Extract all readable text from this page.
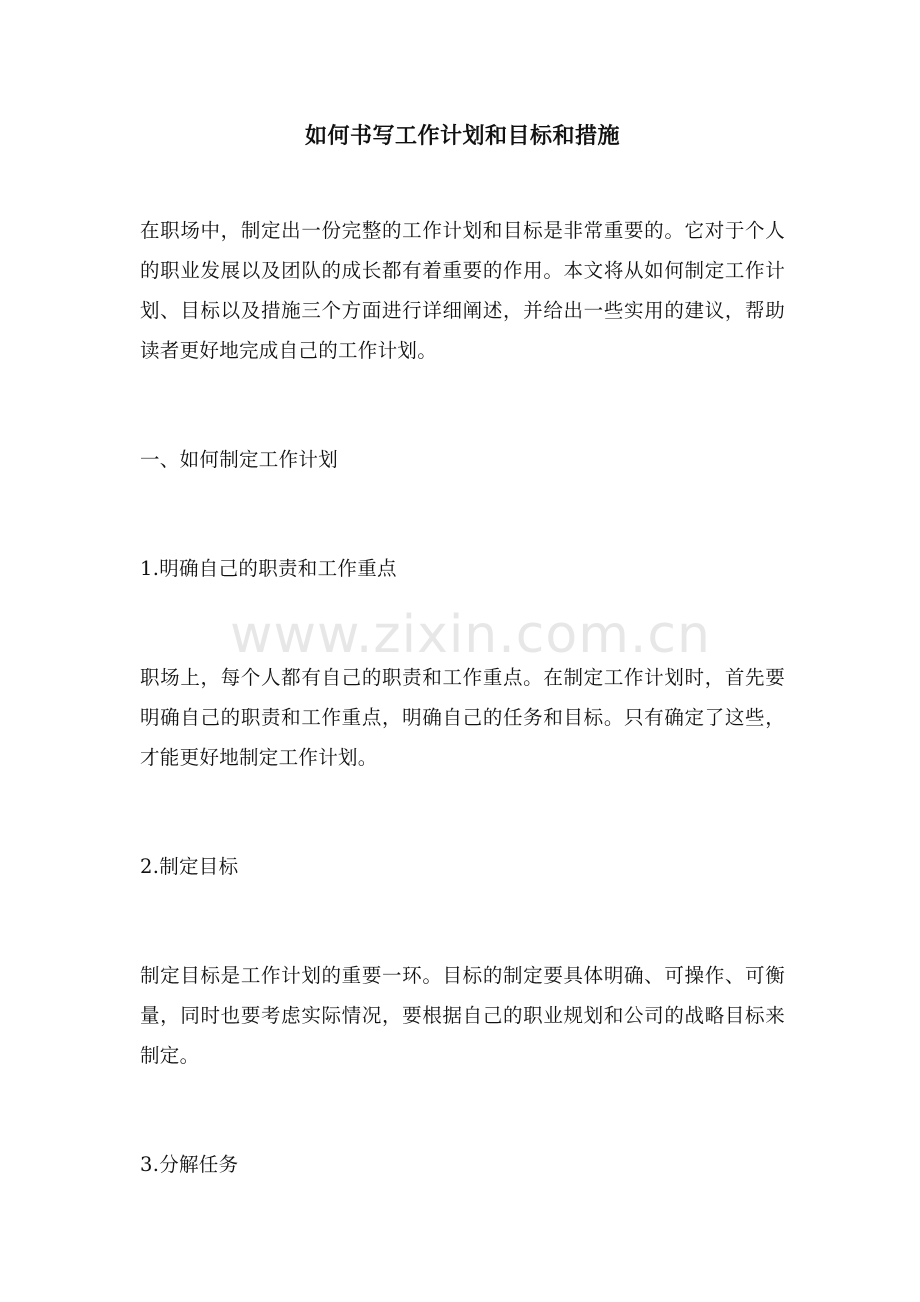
如何书写工作计划和目标和措施

在职场中，制定出一份完整的工作计划和目标是非常重要的。它对于个人的职业发展以及团队的成长都有着重要的作用。本文将从如何制定工作计划、目标以及措施三个方面进行详细阐述，并给出一些实用的建议，帮助读者更好地完成自己的工作计划。

一、如何制定工作计划

1.明确自己的职责和工作重点

职场上，每个人都有自己的职责和工作重点。在制定工作计划时，首先要明确自己的职责和工作重点，明确自己的任务和目标。只有确定了这些，才能更好地制定工作计划。

2.制定目标

制定目标是工作计划的重要一环。目标的制定要具体明确、可操作、可衡量，同时也要考虑实际情况，要根据自己的职业规划和公司的战略目标来制定。

3.分解任务

www.zixin.com.cn
